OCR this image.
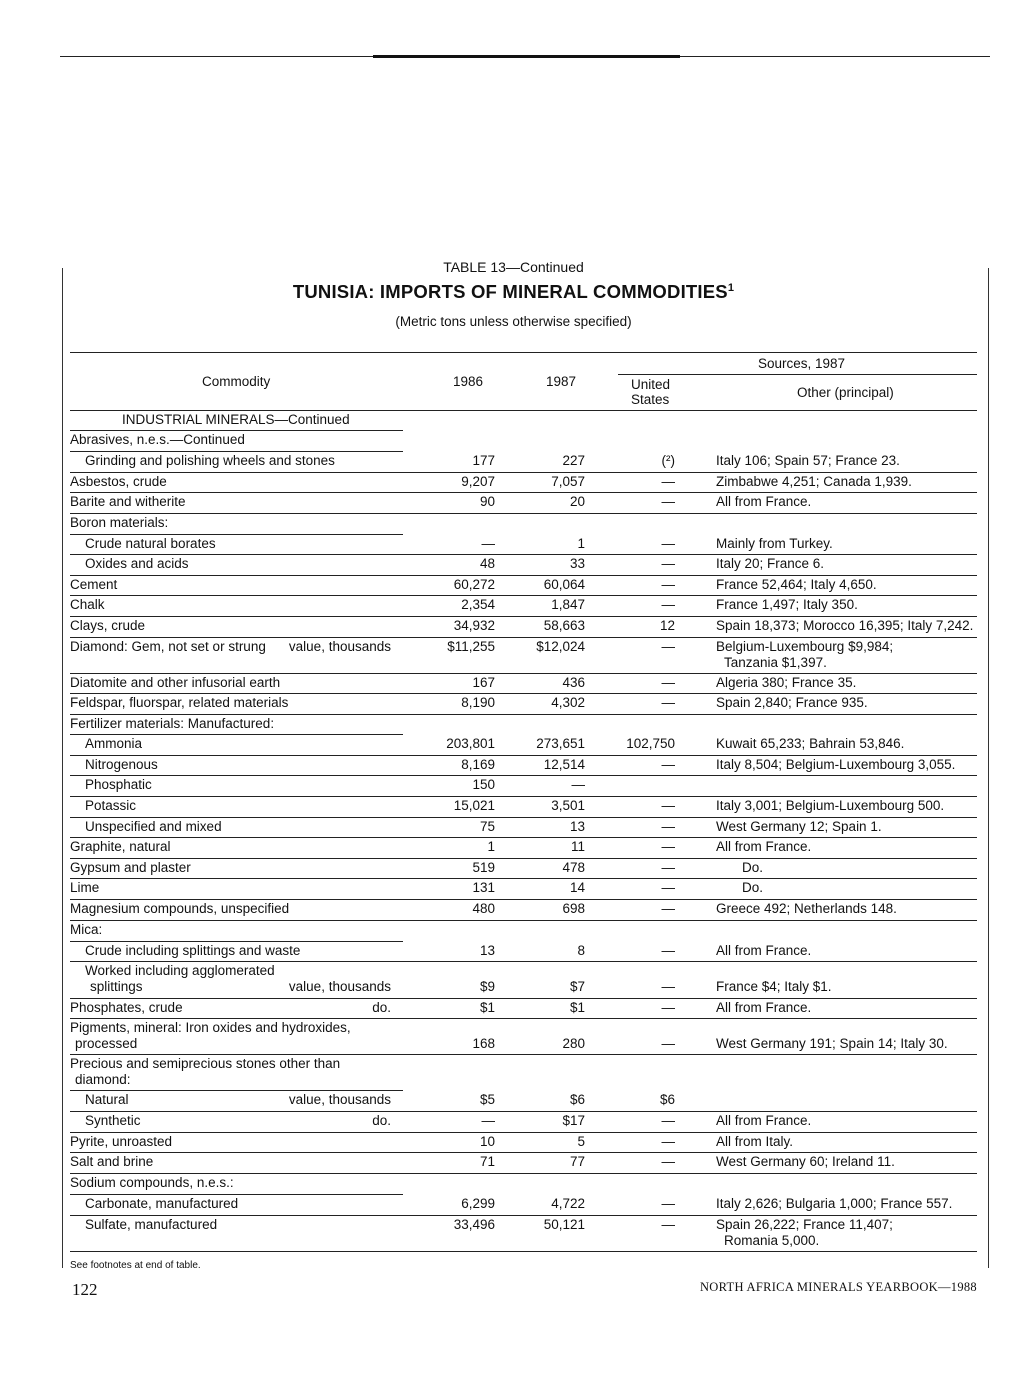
TABLE 13—Continued
TUNISIA: IMPORTS OF MINERAL COMMODITIES$^1$
(Metric tons unless otherwise specified)
Commodity	1986	1987
Sources, 1987
United
States	Other (principal)
INDUSTRIAL MINERALS—Continued
Abrasives, n.e.s.—Continued
Grinding and polishing wheels and stones	177	227	(²)	Italy 106; Spain 57; France 23.
Asbestos, crude	9,207	7,057	—	Zimbabwe 4,251; Canada 1,939.
Barite and witherite	90	20	—	All from France.
Boron materials:
Crude natural borates	—	1	—	Mainly from Turkey.
Oxides and acids	48	33	—	Italy 20; France 6.
Cement	60,272	60,064	—	France 52,464; Italy 4,650.
Chalk	2,354	1,847	—	France 1,497; Italy 350.
Clays, crude	34,932	58,663	12	Spain 18,373; Morocco 16,395; Italy 7,242.
Diamond: Gem, not set or strung value, thousands	$11,255	$12,024	—	Belgium-Luxembourg $9,984;
Tanzania $1,397.
Diatomite and other infusorial earth	167	436	—	Algeria 380; France 35.
Feldspar, fluorspar, related materials	8,190	4,302	—	Spain 2,840; France 935.
Fertilizer materials: Manufactured:
Ammonia	203,801	273,651	102,750	Kuwait 65,233; Bahrain 53,846.
Nitrogenous	8,169	12,514	—	Italy 8,504; Belgium-Luxembourg 3,055.
Phosphatic	150	—
Potassic	15,021	3,501	—	Italy 3,001; Belgium-Luxembourg 500.
Unspecified and mixed	75	13	—	West Germany 12; Spain 1.
Graphite, natural	1	11	—	All from France.
Gypsum and plaster	519	478	—	Do.
Lime	131	14	—	Do.
Magnesium compounds, unspecified	480	698	—	Greece 492; Netherlands 148.
Mica:
Crude including splittings and waste	13	8	—	All from France.
Worked including agglomerated
splittings	value, thousands	$9	$7	—	France $4; Italy $1.
Phosphates, crude	do.	$1	$1	—	All from France.
Pigments, mineral: Iron oxides and hydroxides,
processed	168	280	—	West Germany 191; Spain 14; Italy 30.
Precious and semiprecious stones other than
diamond:
Natural	value, thousands	$5	$6	$6
Synthetic	do.	—	$17	—	All from France.
Pyrite, unroasted	10	5	—	All from Italy.
Salt and brine	71	77	—	West Germany 60; Ireland 11.
Sodium compounds, n.e.s.:
Carbonate, manufactured	6,299	4,722	—	Italy 2,626; Bulgaria 1,000; France 557.
Sulfate, manufactured	33,496	50,121	—	Spain 26,222; France 11,407;
Romania 5,000.
See footnotes at end of table.
122	NORTH AFRICA MINERALS YEARBOOK—1988
